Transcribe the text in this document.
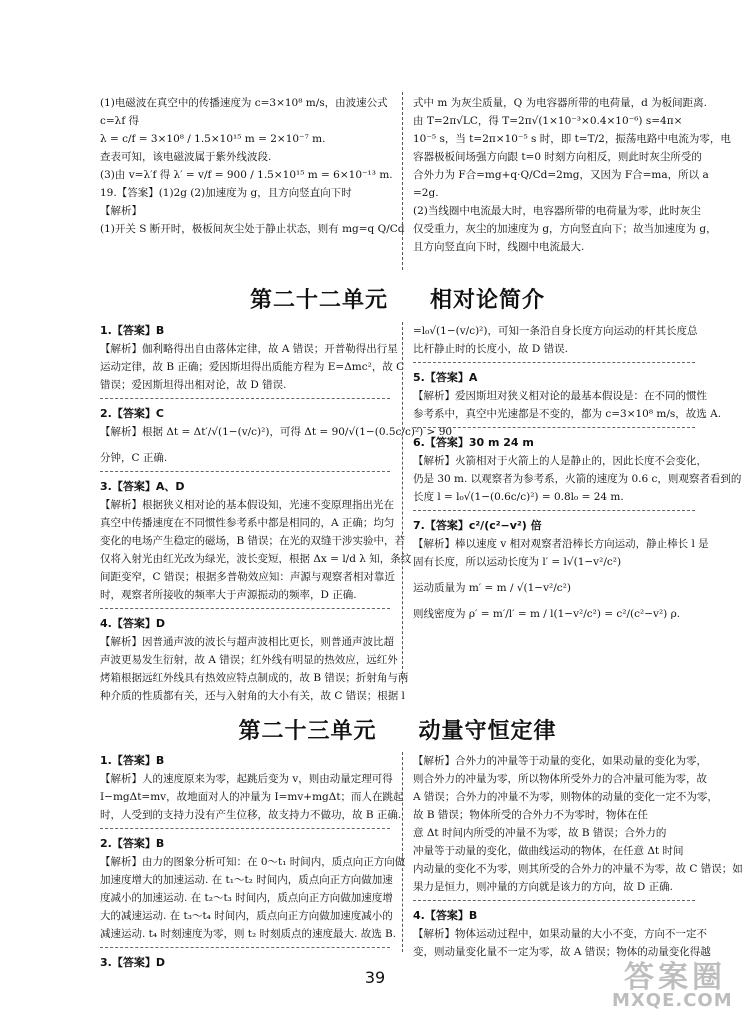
(1)电磁波在真空中的传播速度为 c=3×10⁸ m/s，由波速公式
c=λf 得
λ = c/f = 3×10⁸ / 1.5×10¹⁵ m = 2×10⁻⁷ m.
查表可知，该电磁波属于紫外线波段.
(3)由 v=λ′f 得 λ′ = v/f = 900 / 1.5×10¹⁵ m = 6×10⁻¹³ m.
19.【答案】(1)2g (2)加速度为 g，且方向竖直向下时
【解析】
(1)开关 S 断开时，极板间灰尘处于静止状态，则有 mg=q Q/Cd
式中 m 为灰尘质量，Q 为电容器所带的电荷量，d 为板间距离.
由 T=2π√LC，得 T=2π√(1×10⁻³×0.4×10⁻⁶) s=4π×
10⁻⁵ s，当 t=2π×10⁻⁵ s 时，即 t=T/2，振荡电路中电流为零，电
容器极板间场强方向跟 t=0 时刻方向相反，则此时灰尘所受的
合外力为 F合=mg+q·Q/Cd=2mg，又因为 F合=ma，所以 a
=2g.
(2)当线圈中电流最大时，电容器所带的电荷量为零，此时灰尘
仅受重力，灰尘的加速度为 g，方向竖直向下；故当加速度为 g，
且方向竖直向下时，线圈中电流最大.
第二十二单元 相对论简介
1.【答案】B
【解析】伽利略得出自由落体定律，故 A 错误；开普勒得出行星
运动定律，故 B 正确；爱因斯坦得出质能方程为 E=Δmc²，故 C
错误；爱因斯坦得出相对论，故 D 错误.
2.【答案】C
【解析】根据 Δt = Δt′/√(1−(v/c)²)，可得 Δt = 90/√(1−(0.5c/c)²) > 90
分钟，C 正确.
3.【答案】A、D
【解析】根据狭义相对论的基本假设知，光速不变原理指出光在
真空中传播速度在不同惯性参考系中都是相同的，A 正确；均匀
变化的电场产生稳定的磁场，B 错误；在光的双缝干涉实验中，若
仅将入射光由红光改为绿光，波长变短，根据 Δx = l/d λ 知，条纹
间距变窄，C 错误；根据多普勒效应知：声源与观察者相对靠近
时，观察者所接收的频率大于声源振动的频率，D 正确.
4.【答案】D
【解析】因普通声波的波长与超声波相比更长，则普通声波比超
声波更易发生衍射，故 A 错误；红外线有明显的热效应，远红外
烤箱根据远红外线具有热效应特点制成的，故 B 错误；折射角与两
种介质的性质都有关，还与入射角的大小有关，故 C 错误；根据 l
=l₀√(1−(v/c)²)，可知一条沿自身长度方向运动的杆其长度总
比杆静止时的长度小，故 D 错误.
5.【答案】A
【解析】爱因斯坦对狭义相对论的最基本假设是：在不同的惯性
参考系中，真空中光速都是不变的，都为 c=3×10⁸ m/s，故选 A.
6.【答案】30 m 24 m
【解析】火箭相对于火箭上的人是静止的，因此长度不会变化，
仍是 30 m. 以观察者为参考系，火箭的速度为 0.6 c，则观察者看到的
长度 l = l₀√(1−(0.6c/c)²) = 0.8l₀ = 24 m.
7.【答案】c²/(c²−v²) 倍
【解析】棒以速度 v 相对观察者沿棒长方向运动，静止棒长 l 是
固有长度，所以运动长度为 l′ = l√(1−v²/c²)
运动质量为 m′ = m / √(1−v²/c²)
则线密度为 ρ′ = m′/l′ = m / l(1−v²/c²) = c²/(c²−v²) ρ.
第二十三单元 动量守恒定律
1.【答案】B
【解析】人的速度原来为零，起跳后变为 v，则由动量定理可得
I−mgΔt=mv，故地面对人的冲量为 I=mv+mgΔt；而人在跳起
时，人受到的支持力没有产生位移，故支持力不做功，故 B 正确.
2.【答案】B
【解析】由力的图象分析可知：在 0～t₁ 时间内，质点向正方向做
加速度增大的加速运动. 在 t₁～t₂ 时间内，质点向正方向做加速
度减小的加速运动. 在 t₂～t₃ 时间内，质点向正方向做加速度增
大的减速运动. 在 t₃～t₄ 时间内，质点向正方向做加速度减小的
减速运动. t₄ 时刻速度为零，则 t₂ 时刻质点的速度最大. 故选 B.
3.【答案】D
【解析】合外力的冲量等于动量的变化，如果动量的变化为零，
则合外力的冲量为零，所以物体所受外力的合冲量可能为零，故
A 错误；合外力的冲量不为零，则物体的动量的变化一定不为零，
故 B 错误；物体所受的合外力不为零时，物体在任
意 Δt 时间内所受的冲量不为零，故 B 错误；合外力的
冲量等于动量的变化，做曲线运动的物体，在任意 Δt 时间
内动量的变化不为零，则其所受的合外力的冲量不为零，故 C 错误；如
果力是恒力，则冲量的方向就是该力的方向，故 D 正确.
4.【答案】B
【解析】物体运动过程中，如果动量的大小不变，方向不一定不
变，则动量变化量不一定为零，故 A 错误；物体的动量变化得越
39	答案圈
MXQE.COM
